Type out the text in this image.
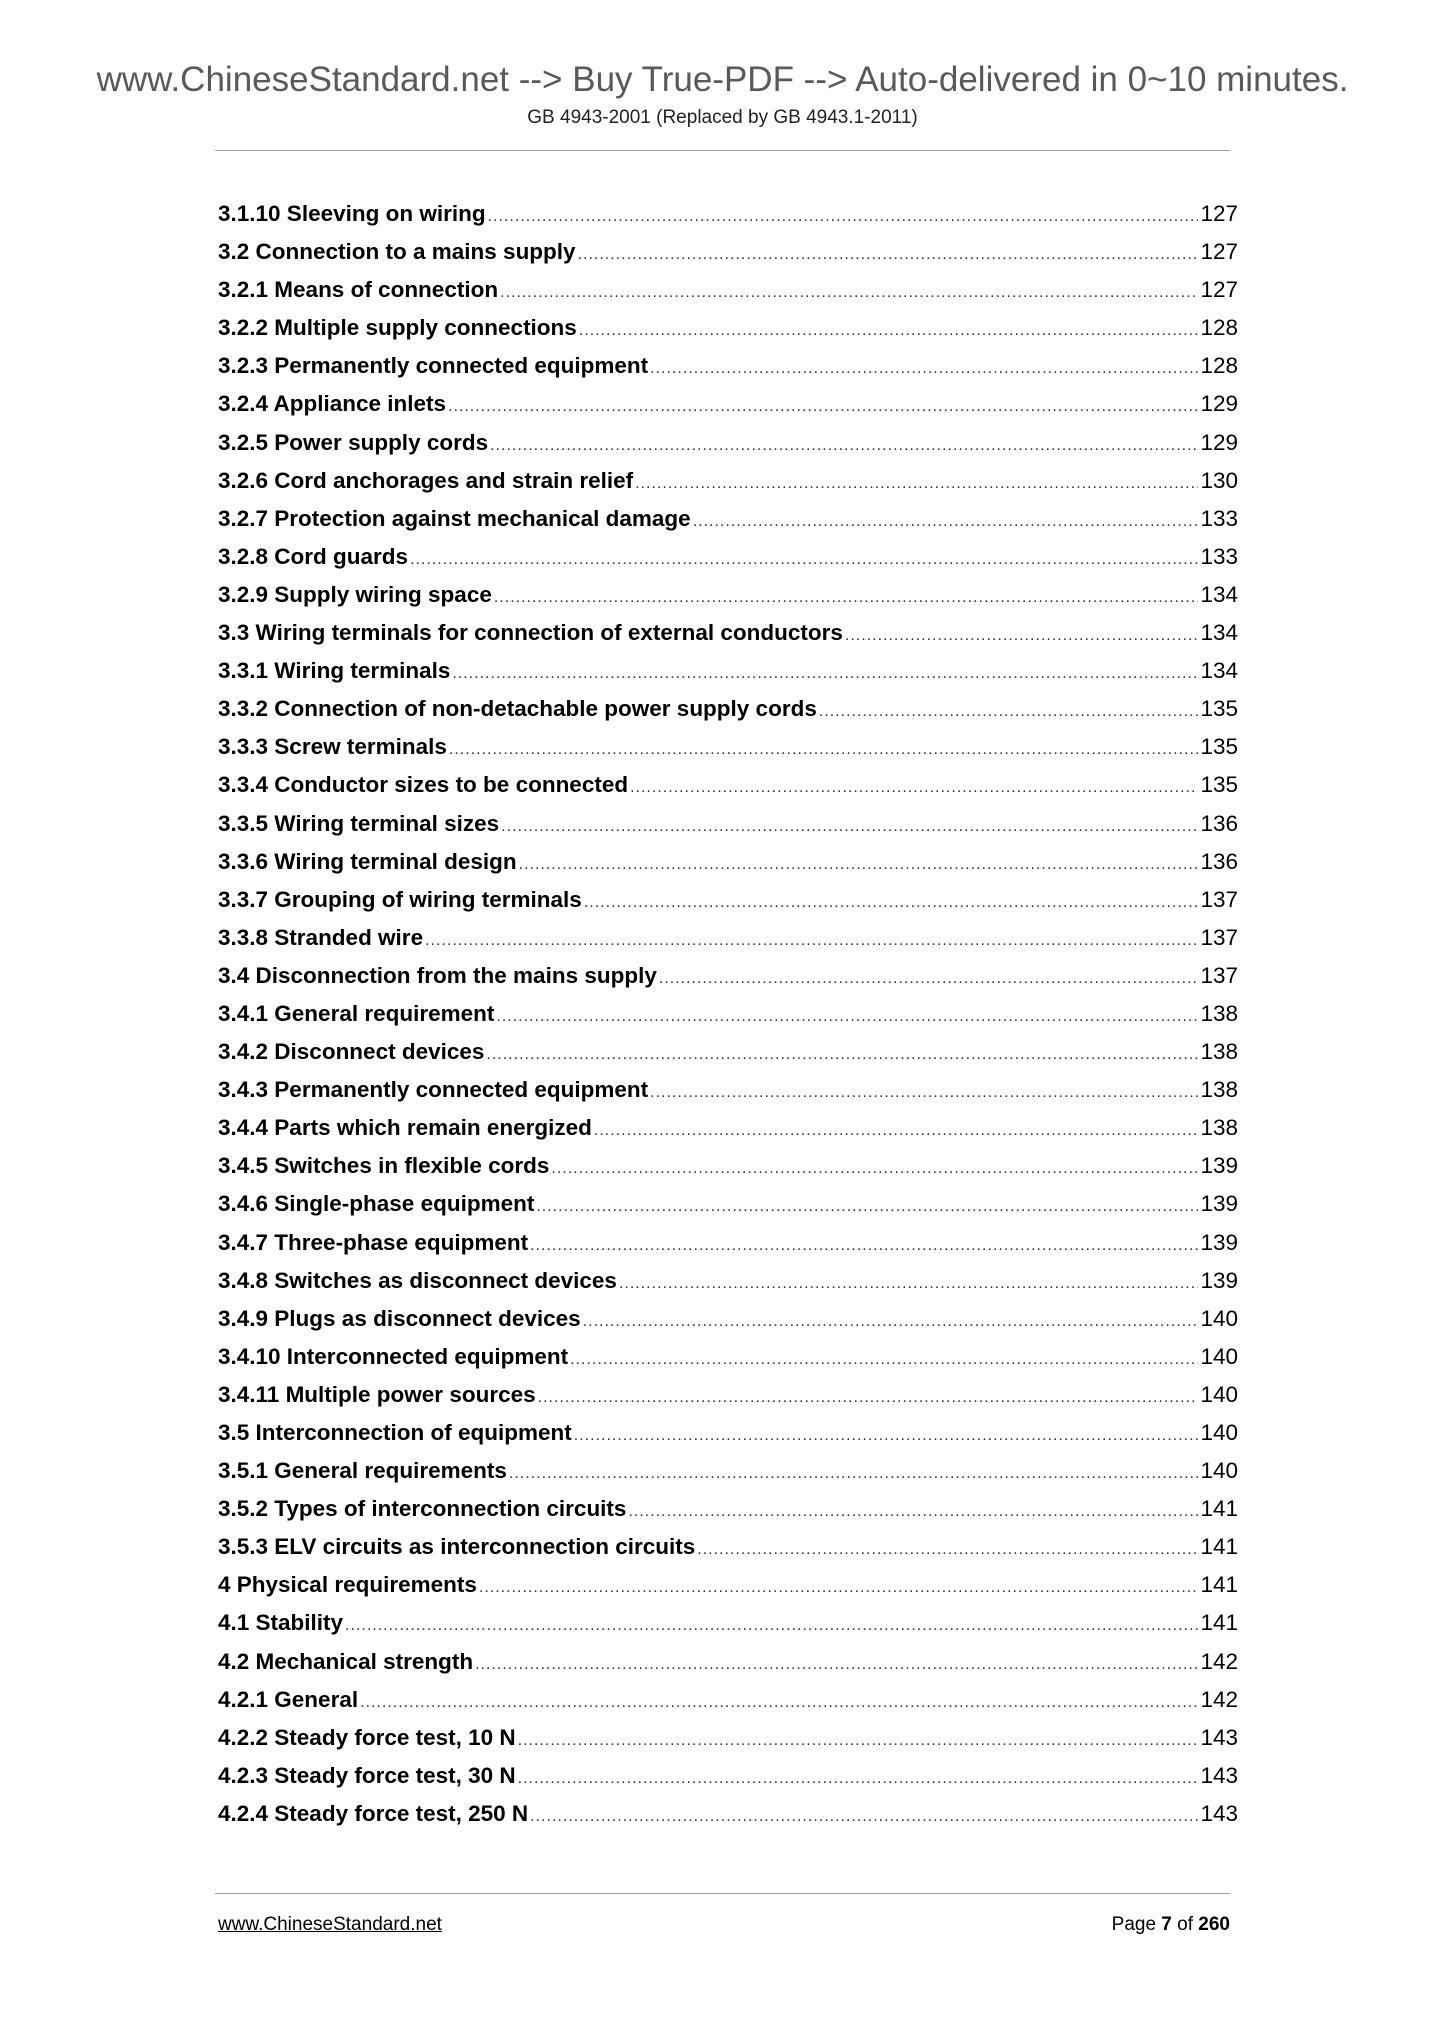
www.ChineseStandard.net --> Buy True-PDF --> Auto-delivered in 0~10 minutes.
GB 4943-2001 (Replaced by GB 4943.1-2011)
3.1.10 Sleeving on wiring .....	127
3.2 Connection to a mains supply .....	127
3.2.1 Means of connection .....	127
3.2.2 Multiple supply connections .....	128
3.2.3 Permanently connected equipment .....	128
3.2.4 Appliance inlets .....	129
3.2.5 Power supply cords .....	129
3.2.6 Cord anchorages and strain relief .....	130
3.2.7 Protection against mechanical damage .....	133
3.2.8 Cord guards .....	133
3.2.9 Supply wiring space .....	134
3.3 Wiring terminals for connection of external conductors .....	134
3.3.1 Wiring terminals .....	134
3.3.2 Connection of non-detachable power supply cords .....	135
3.3.3 Screw terminals .....	135
3.3.4 Conductor sizes to be connected .....	135
3.3.5 Wiring terminal sizes .....	136
3.3.6 Wiring terminal design .....	136
3.3.7 Grouping of wiring terminals .....	137
3.3.8 Stranded wire .....	137
3.4 Disconnection from the mains supply .....	137
3.4.1 General requirement .....	138
3.4.2 Disconnect devices .....	138
3.4.3 Permanently connected equipment .....	138
3.4.4 Parts which remain energized .....	138
3.4.5 Switches in flexible cords .....	139
3.4.6 Single-phase equipment .....	139
3.4.7 Three-phase equipment .....	139
3.4.8 Switches as disconnect devices .....	139
3.4.9 Plugs as disconnect devices .....	140
3.4.10 Interconnected equipment .....	140
3.4.11 Multiple power sources .....	140
3.5 Interconnection of equipment .....	140
3.5.1 General requirements .....	140
3.5.2 Types of interconnection circuits .....	141
3.5.3 ELV circuits as interconnection circuits .....	141
4 Physical requirements .....	141
4.1 Stability .....	141
4.2 Mechanical strength .....	142
4.2.1 General .....	142
4.2.2 Steady force test, 10 N .....	143
4.2.3 Steady force test, 30 N .....	143
4.2.4 Steady force test, 250 N .....	143
www.ChineseStandard.net	Page 7 of 260
